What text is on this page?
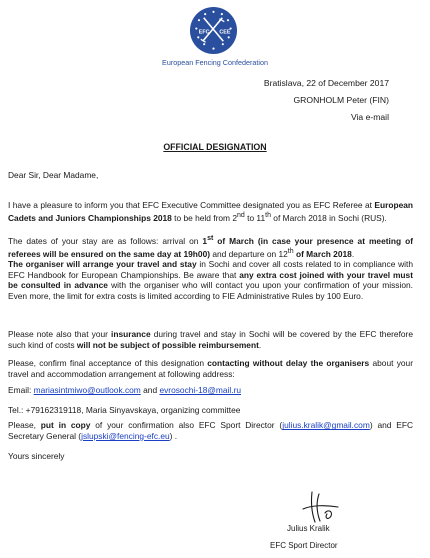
EFC CEE
European Fencing Confederation
Bratislava, 22 of December 2017
GRONHOLM Peter (FIN)
Via e-mail
OFFICIAL DESIGNATION
Dear Sir, Dear Madame,

I have a pleasure to inform you that EFC Executive Committee designated you as EFC Referee at European Cadets and Juniors Championships 2018 to be held from 2nd to 11th of March 2018 in Sochi (RUS).

The dates of your stay are as follows: arrival on 1st of March (in case your presence at meeting of referees will be ensured on the same day at 19h00) and departure on 12th of March 2018.
The organiser will arrange your travel and stay in Sochi and cover all costs related to in compliance with EFC Handbook for European Championships. Be aware that any extra cost joined with your travel must be consulted in advance with the organiser who will contact you upon your confirmation of your mission. Even more, the limit for extra costs is limited according to FIE Administrative Rules by 100 Euro.

Please note also that your insurance during travel and stay in Sochi will be covered by the EFC therefore such kind of costs will not be subject of possible reimbursement.

Please, confirm final acceptance of this designation contacting without delay the organisers about your travel and accommodation arrangement at following address:

Email: mariasintmiwo@outlook.com and evrosochi-18@mail.ru

Tel.: +79162319118, Maria Sinyavskaya, organizing committee

Please, put in copy of your confirmation also EFC Sport Director (julius.kralik@gmail.com) and EFC Secretary General (jslupski@fencing-efc.eu) .

Yours sincerely
Julius Kralik
EFC Sport Director
